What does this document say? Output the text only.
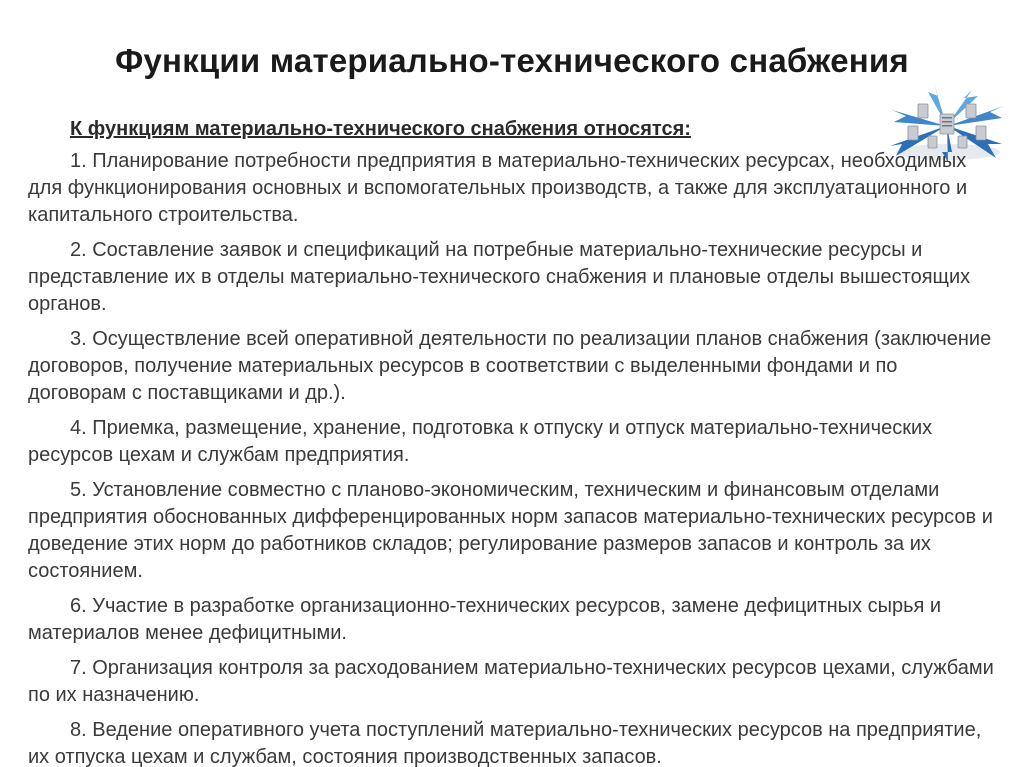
Функции материально-технического снабжения
К функциям материально-технического снабжения относятся:

1. Планирование потребности предприятия в материально-технических ресурсах, необходимых для функционирования основных и вспомогательных производств, а также для эксплуатационного и капитального строительства.

2. Составление заявок и спецификаций на потребные материально-технические ресурсы и представление их в отделы материально-технического снабжения и плановые отделы вышестоящих органов.

3. Осуществление всей оперативной деятельности по реализации планов снабжения (заключение договоров, получение материальных ресурсов в соответствии с выделенными фондами и по договорам с поставщиками и др.).

4. Приемка, размещение, хранение, подготовка к отпуску и отпуск материально-технических ресурсов цехам и службам предприятия.

5. Установление совместно с планово-экономическим, техническим и финансовым отделами предприятия обоснованных дифференцированных норм запасов материально-технических ресурсов и доведение этих норм до работников складов; регулирование размеров запасов и контроль за их состоянием.

6. Участие в разработке организационно-технических ресурсов, замене дефицитных сырья и материалов менее дефицитными.

7. Организация контроля за расходованием материально-технических ресурсов цехами, службами по их назначению.

8. Ведение оперативного учета поступлений материально-технических ресурсов на предприятие, их отпуска цехам и службам, состояния производственных запасов.
